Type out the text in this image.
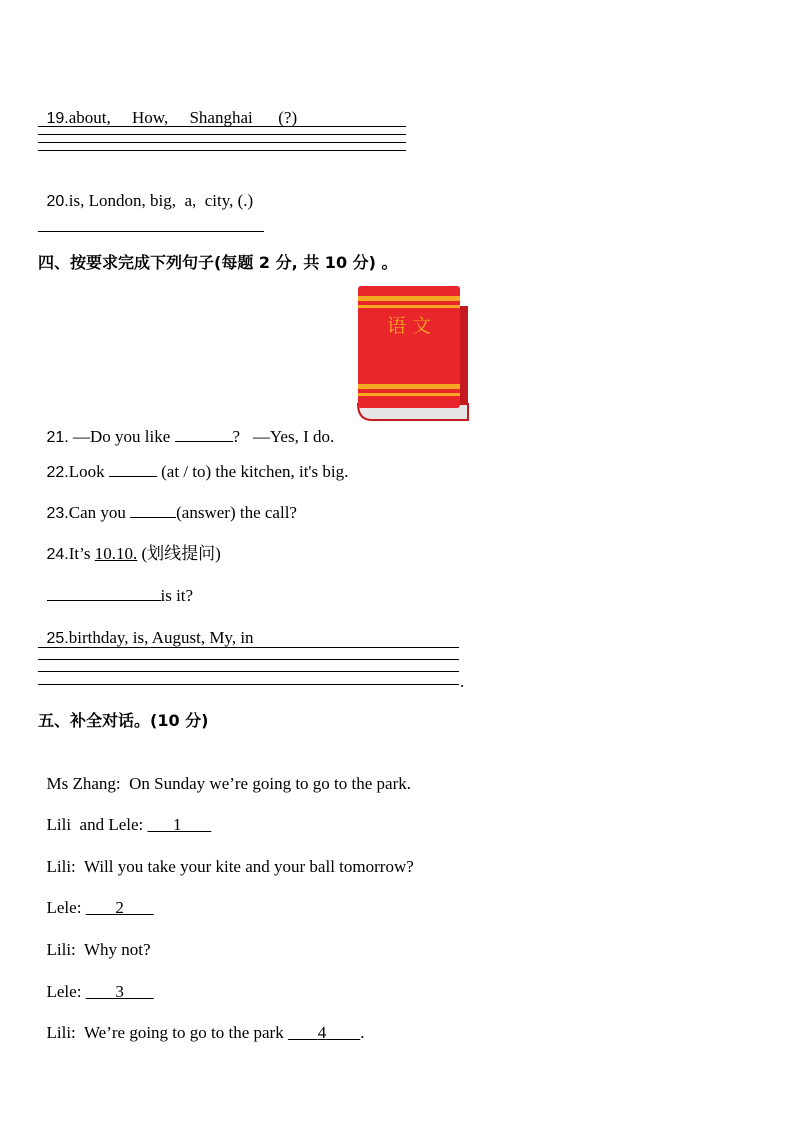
19.about,     How,     Shanghai      (?)

20.is, London, big,  a,  city, (.)

四、按要求完成下列句子(每题 2 分, 共 10 分) 。
语 文

21. —Do you like	?   —Yes, I do.

22.Look	(at / to) the kitchen, it's big.

23.Can you	(answer) the call?

24.It’s 10.10. (划线提问)

is it?

25.birthday, is, August, My, in

.
五、补全对话。(10 分)

Ms Zhang:  On Sunday we’re going to go to the park.

Lili  and Lele: 1

Lili:  Will you take your kite and your ball tomorrow?

Lele: 2

Lili:  Why not?

Lele: 3

Lili:  We’re going to go to the park        4 .
